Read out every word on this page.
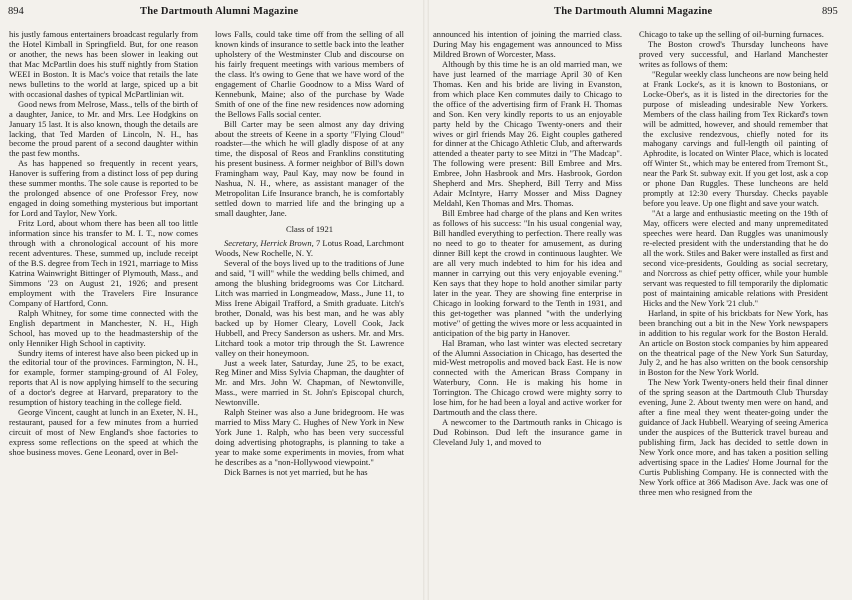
894	The Dartmouth Alumni Magazine

his justly famous entertainers broadcast regularly from the Hotel Kimball in Springfield. But, for one reason or another, the news has been slower in leaking out that Mac McPartlin does his stuff nightly from Station WEEI in Boston. It is Mac's voice that retails the late news bulletins to the world at large, spiced up a bit with occasional dashes of typical McPartlinian wit.

Good news from Melrose, Mass., tells of the birth of a daughter, Janice, to Mr. and Mrs. Lee Hodgkins on January 15 last. It is also known, though the details are lacking, that Ted Marden of Lincoln, N. H., has become the proud parent of a second daughter within the past few months.

As has happened so frequently in recent years, Hanover is suffering from a distinct loss of pep during these summer months. The sole cause is reported to be the prolonged absence of one Professor Frey, now engaged in doing something mysterious but important for Lord and Taylor, New York.

Fritz Lord, about whom there has been all too little information since his transfer to M. I. T., now comes through with a chronological account of his more recent adventures. These, summed up, include receipt of the B.S. degree from Tech in 1921, marriage to Miss Katrina Wainwright Bittinger of Plymouth, Mass., and Simmons '23 on August 21, 1926; and present employment with the Travelers Fire Insurance Company of Hartford, Conn.

Ralph Whitney, for some time connected with the English department in Manchester, N. H., High School, has moved up to the headmastership of the only Henniker High School in captivity.

Sundry items of interest have also been picked up in the editorial tour of the provinces. Farmington, N. H., for example, former stamping-ground of Al Foley, reports that Al is now applying himself to the securing of a doctor's degree at Harvard, preparatory to the resumption of history teaching in the college field.

George Vincent, caught at lunch in an Exeter, N. H., restaurant, paused for a few minutes from a hurried circuit of most of New England's shoe factories to express some reflections on the speed at which the shoe business moves. Gene Leonard, over in Bel-

lows Falls, could take time off from the selling of all known kinds of insurance to settle back into the leather upholstery of the Westminster Club and discourse on his fairly frequent meetings with various members of the class. It's owing to Gene that we have word of the engagement of Charlie Goodnow to a Miss Ward of Kennebunk, Maine; also of the purchase by Wade Smith of one of the fine new residences now adorning the Bellows Falls social center.

Bill Carter may be seen almost any day driving about the streets of Keene in a sporty "Flying Cloud" roadster—the which he will gladly dispose of at any time, the disposal of Reos and Franklins constituting his present business. A former neighbor of Bill's down Framingham way, Paul Kay, may now be found in Nashua, N. H., where, as assistant manager of the Metropolitan Life Insurance branch, he is comfortably settled down to married life and the bringing up a small daughter, Jane.

Class of 1921

Secretary, Herrick Brown, 7 Lotus Road, Larchmont Woods, New Rochelle, N. Y.

Several of the boys lived up to the traditions of June and said, "I will" while the wedding bells chimed, and among the blushing bridegrooms was Cor Litchard. Litch was married in Longmeadow, Mass., June 11, to Miss Irene Abigail Trafford, a Smith graduate. Litch's brother, Donald, was his best man, and he was ably backed up by Homer Cleary, Lovell Cook, Jack Hubbell, and Precy Sanderson as ushers. Mr. and Mrs. Litchard took a motor trip through the St. Lawrence valley on their honeymoon.

Just a week later, Saturday, June 25, to be exact, Reg Miner and Miss Sylvia Chapman, the daughter of Mr. and Mrs. John W. Chapman, of Newtonville, Mass., were married in St. John's Episcopal church, Newtonville.

Ralph Steiner was also a June bridegroom. He was married to Miss Mary C. Hughes of New York in New York June 1. Ralph, who has been very successful doing advertising photographs, is planning to take a year to make some experiments in movies, from what he describes as a "non-Hollywood viewpoint."

Dick Barnes is not yet married, but he has

The Dartmouth Alumni Magazine	895

announced his intention of joining the married class. During May his engagement was announced to Miss Mildred Brown of Worcester, Mass.

Although by this time he is an old married man, we have just learned of the marriage April 30 of Ken Thomas. Ken and his bride are living in Evanston, from which place Ken commutes daily to Chicago to the office of the advertising firm of Frank H. Thomas and Son. Ken very kindly reports to us an enjoyable party held by the Chicago Twenty-oners and their wives or girl friends May 26. Eight couples gathered for dinner at the Chicago Athletic Club, and afterwards attended a theater party to see Mitzi in "The Madcap". The following were present: Bill Embree and Mrs. Embree, John Hasbrook and Mrs. Hasbrook, Gordon Shepherd and Mrs. Shepherd, Bill Terry and Miss Adair McIntyre, Harry Mosser and Miss Dagney Meldahl, Ken Thomas and Mrs. Thomas.

Bill Embree had charge of the plans and Ken writes as follows of his success: "In his usual congenial way, Bill handled everything to perfection. There really was no need to go to theater for amusement, as during dinner Bill kept the crowd in continuous laughter. We are all very much indebted to him for his idea and manner in carrying out this very enjoyable evening." Ken says that they hope to hold another similar party later in the year. They are showing fine enterprise in Chicago in looking forward to the Tenth in 1931, and this get-together was planned "with the underlying motive" of getting the wives more or less acquainted in anticipation of the big party in Hanover.

Hal Braman, who last winter was elected secretary of the Alumni Association in Chicago, has deserted the mid-West metropolis and moved back East. He is now connected with the American Brass Company in Waterbury, Conn. He is making his home in Torrington. The Chicago crowd were mighty sorry to lose him, for he had been a loyal and active worker for Dartmouth and the class there.

A newcomer to the Dartmouth ranks in Chicago is Dud Robinson. Dud left the insurance game in Cleveland July 1, and moved to

Chicago to take up the selling of oil-burning furnaces.

The Boston crowd's Thursday luncheons have proved very successful, and Harland Manchester writes as follows of them:

"Regular weekly class luncheons are now being held at Frank Locke's, as it is known to Bostonians, or Locke-Ober's, as it is listed in the directories for the purpose of misleading undesirable New Yorkers. Members of the class hailing from Tex Rickard's town will be admitted, however, and should remember that the exclusive rendezvous, chiefly noted for its mahogany carvings and full-length oil painting of Aphrodite, is located on Winter Place, which is located off Winter St., which may be entered from Tremont St., near the Park St. subway exit. If you get lost, ask a cop or phone Dan Ruggles. These luncheons are held promptly at 12:30 every Thursday. Checks payable before you leave. Up one flight and save your watch.

"At a large and enthusiastic meeting on the 19th of May, officers were elected and many unpremeditated speeches were heard. Dan Ruggles was unanimously re-elected president with the understanding that he do all the work. Stiles and Baker were installed as first and second vice-presidents, Goulding as social secretary, and Norcross as chief petty officer, while your humble servant was requested to fill temporarily the diplomatic post of maintaining amicable relations with President Hicks and the New York '21 club."

Harland, in spite of his brickbats for New York, has been branching out a bit in the New York newspapers in addition to his regular work for the Boston Herald. An article on Boston stock companies by him appeared on the theatrical page of the New York Sun Saturday, July 2, and he has also written on the book censorship in Boston for the New York World.

The New York Twenty-oners held their final dinner of the spring season at the Dartmouth Club Thursday evening, June 2. About twenty men were on hand, and after a fine meal they went theater-going under the guidance of Jack Hubbell. Wearying of seeing America under the auspices of the Butterick travel bureau and publishing firm, Jack has decided to settle down in New York once more, and has taken a position selling advertising space in the Ladies' Home Journal for the Curtis Publishing Company. He is connected with the New York office at 366 Madison Ave. Jack was one of three men who resigned from the
